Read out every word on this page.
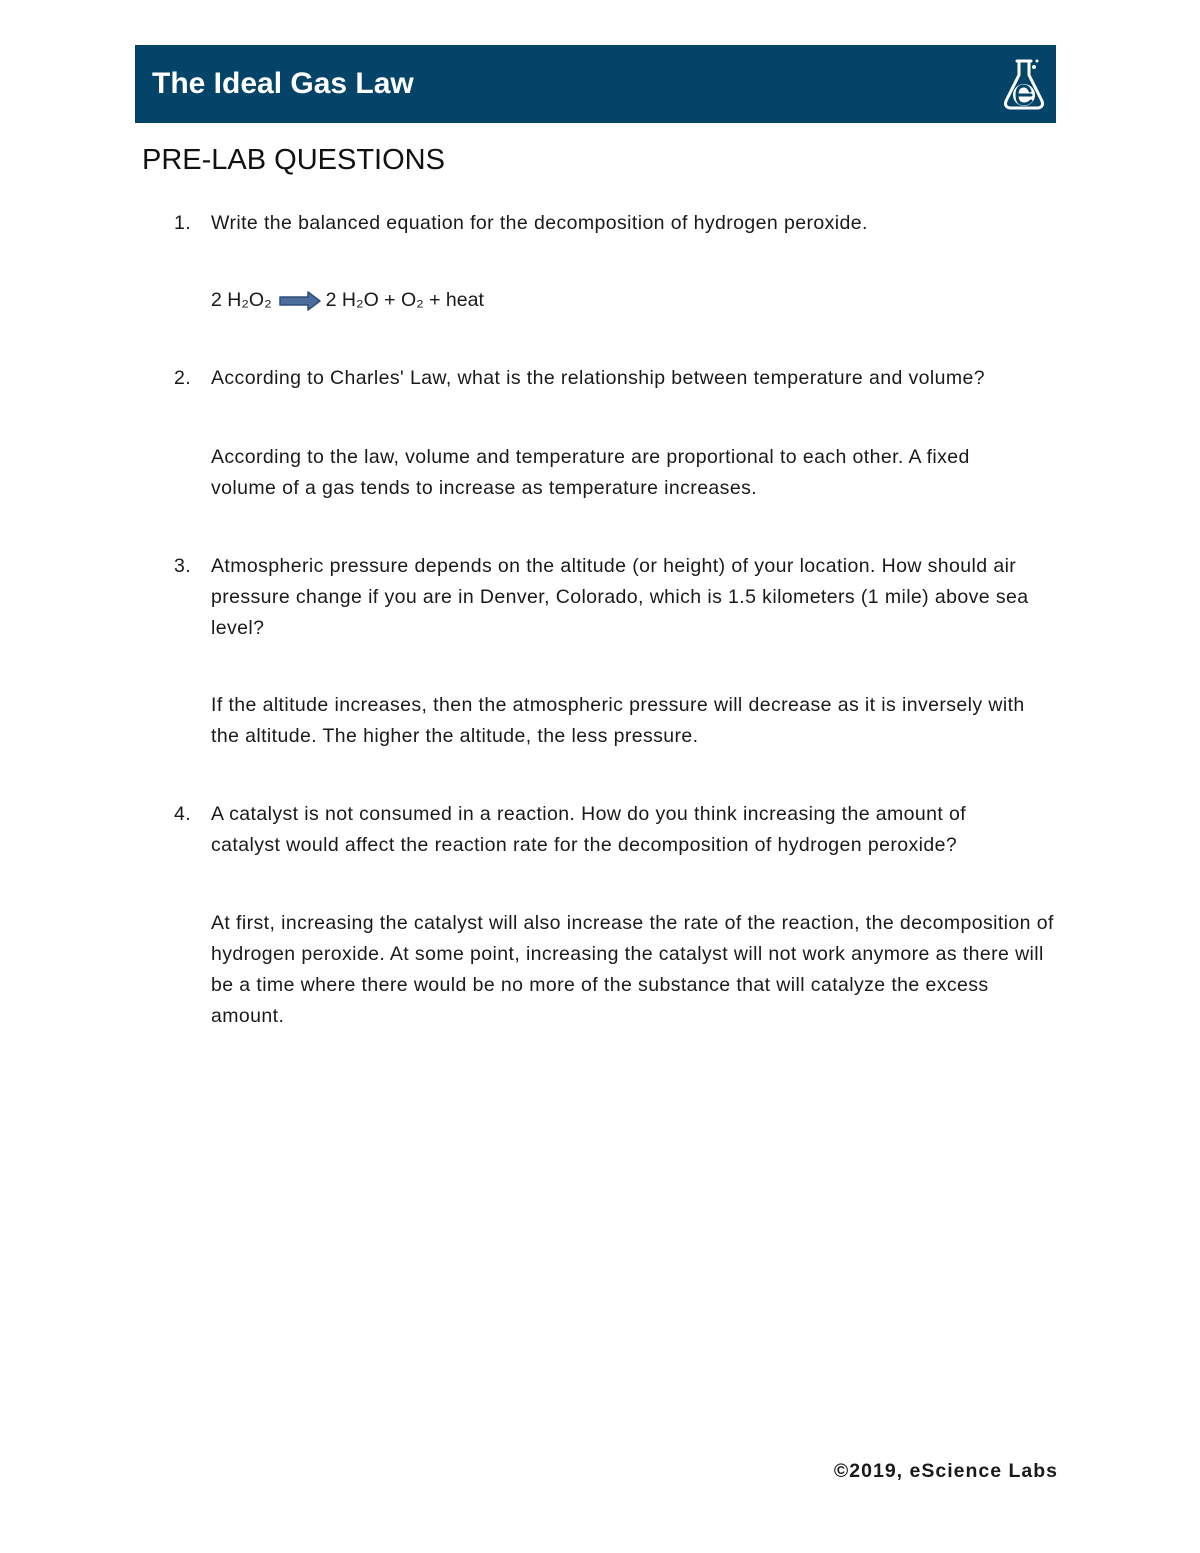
The Ideal Gas Law
PRE-LAB QUESTIONS
1. Write the balanced equation for the decomposition of hydrogen peroxide.
2 H₂O₂	2 H₂O + O₂ + heat
2. According to Charles' Law, what is the relationship between temperature and volume?
According to the law, volume and temperature are proportional to each other. A fixed volume of a gas tends to increase as temperature increases.
3. Atmospheric pressure depends on the altitude (or height) of your location. How should air pressure change if you are in Denver, Colorado, which is 1.5 kilometers (1 mile) above sea level?
If the altitude increases, then the atmospheric pressure will decrease as it is inversely with the altitude. The higher the altitude, the less pressure.
4. A catalyst is not consumed in a reaction. How do you think increasing the amount of catalyst would affect the reaction rate for the decomposition of hydrogen peroxide?
At first, increasing the catalyst will also increase the rate of the reaction, the decomposition of hydrogen peroxide. At some point, increasing the catalyst will not work anymore as there will be a time where there would be no more of the substance that will catalyze the excess amount.
©2019, eScience Labs
